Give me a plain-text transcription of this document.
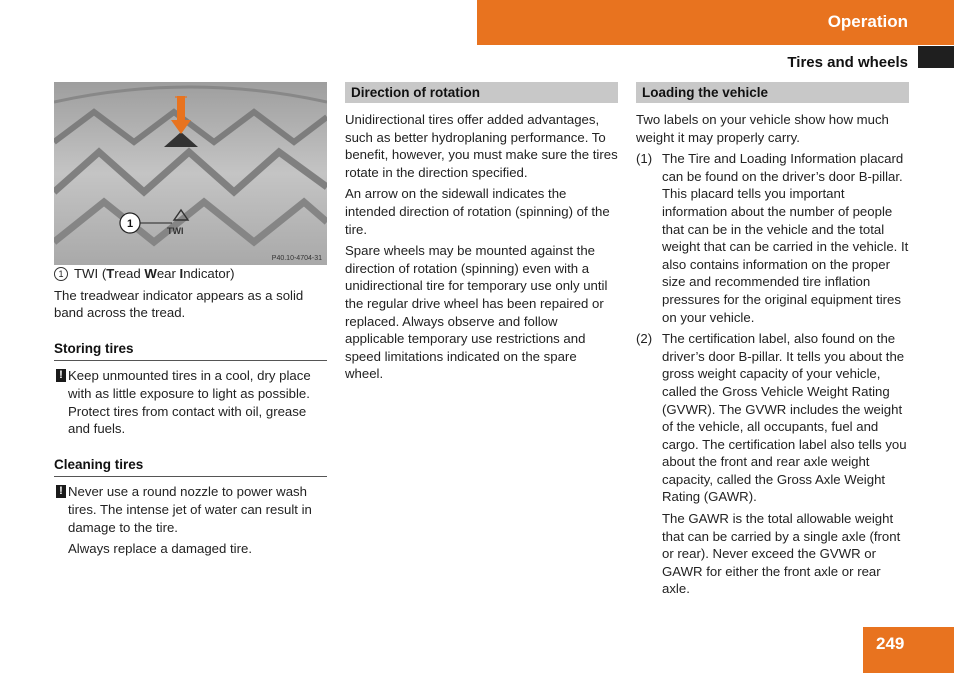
Operation
Tires and wheels
1
TWI
P40.10-4704-31

1 TWI (Tread Wear Indicator)

The treadwear indicator appears as a solid band across the tread.

Storing tires

! Keep unmounted tires in a cool, dry place with as little exposure to light as possible. Protect tires from contact with oil, grease and fuels.

Cleaning tires

! Never use a round nozzle to power wash tires. The intense jet of water can result in damage to the tire.

Always replace a damaged tire.

Direction of rotation

Unidirectional tires offer added advantages, such as better hydroplaning performance. To benefit, however, you must make sure the tires rotate in the direction specified.

An arrow on the sidewall indicates the intended direction of rotation (spinning) of the tire.

Spare wheels may be mounted against the direction of rotation (spinning) even with a unidirectional tire for temporary use only until the regular drive wheel has been repaired or replaced. Always observe and follow applicable temporary use restrictions and speed limitations indicated on the spare wheel.

Loading the vehicle

Two labels on your vehicle show how much weight it may properly carry.

(1) The Tire and Loading Information placard can be found on the driver’s door B-pillar. This placard tells you important information about the number of people that can be in the vehicle and the total weight that can be carried in the vehicle. It also contains information on the proper size and recommended tire inflation pressures for the original equipment tires on your vehicle.

(2) The certification label, also found on the driver’s door B-pillar. It tells you about the gross weight capacity of your vehicle, called the Gross Vehicle Weight Rating (GVWR). The GVWR includes the weight of the vehicle, all occupants, fuel and cargo. The certification label also tells you about the front and rear axle weight capacity, called the Gross Axle Weight Rating (GAWR).

The GAWR is the total allowable weight that can be carried by a single axle (front or rear). Never exceed the GVWR or GAWR for either the front axle or rear axle.

249
